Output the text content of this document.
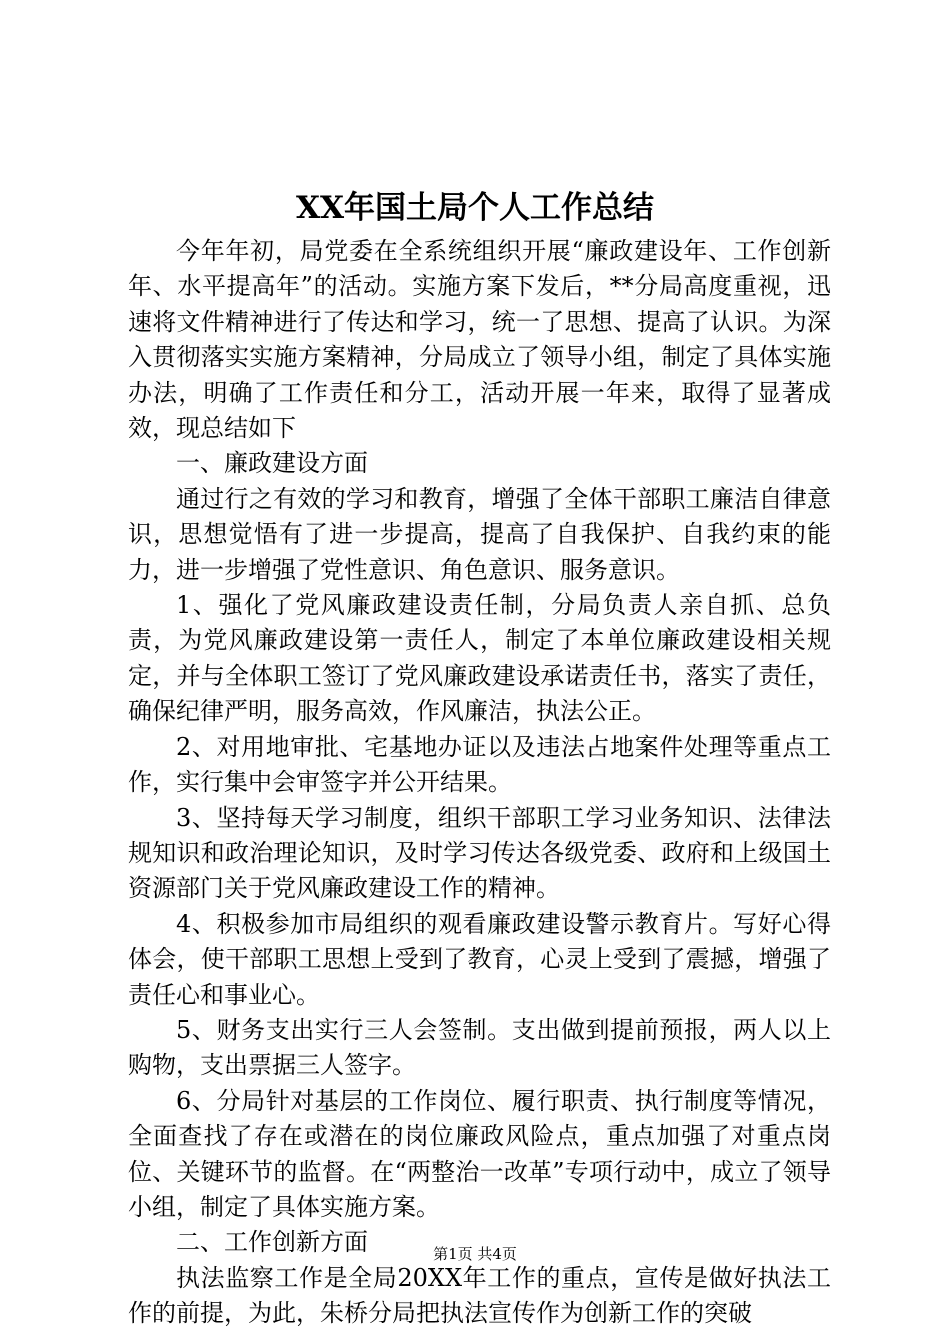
XX年国土局个人工作总结

今年年初，局党委在全系统组织开展“廉政建设年、工作创新年、水平提高年”的活动。实施方案下发后，**分局高度重视，迅速将文件精神进行了传达和学习，统一了思想、提高了认识。为深入贯彻落实实施方案精神，分局成立了领导小组，制定了具体实施办法，明确了工作责任和分工，活动开展一年来，取得了显著成效，现总结如下

一、廉政建设方面

通过行之有效的学习和教育，增强了全体干部职工廉洁自律意识，思想觉悟有了进一步提高，提高了自我保护、自我约束的能力，进一步增强了党性意识、角色意识、服务意识。

1、强化了党风廉政建设责任制，分局负责人亲自抓、总负责，为党风廉政建设第一责任人，制定了本单位廉政建设相关规定，并与全体职工签订了党风廉政建设承诺责任书，落实了责任，确保纪律严明，服务高效，作风廉洁，执法公正。

2、对用地审批、宅基地办证以及违法占地案件处理等重点工作，实行集中会审签字并公开结果。

3、坚持每天学习制度，组织干部职工学习业务知识、法律法规知识和政治理论知识，及时学习传达各级党委、政府和上级国土资源部门关于党风廉政建设工作的精神。

4、积极参加市局组织的观看廉政建设警示教育片。写好心得体会，使干部职工思想上受到了教育，心灵上受到了震撼，增强了责任心和事业心。

5、财务支出实行三人会签制。支出做到提前预报，两人以上购物，支出票据三人签字。

6、分局针对基层的工作岗位、履行职责、执行制度等情况，全面查找了存在或潜在的岗位廉政风险点，重点加强了对重点岗位、关键环节的监督。在“两整治一改革”专项行动中，成立了领导小组，制定了具体实施方案。

二、工作创新方面

执法监察工作是全局20XX年工作的重点，宣传是做好执法工作的前提，为此，朱桥分局把执法宣传作为创新工作的突破

第1页 共4页
